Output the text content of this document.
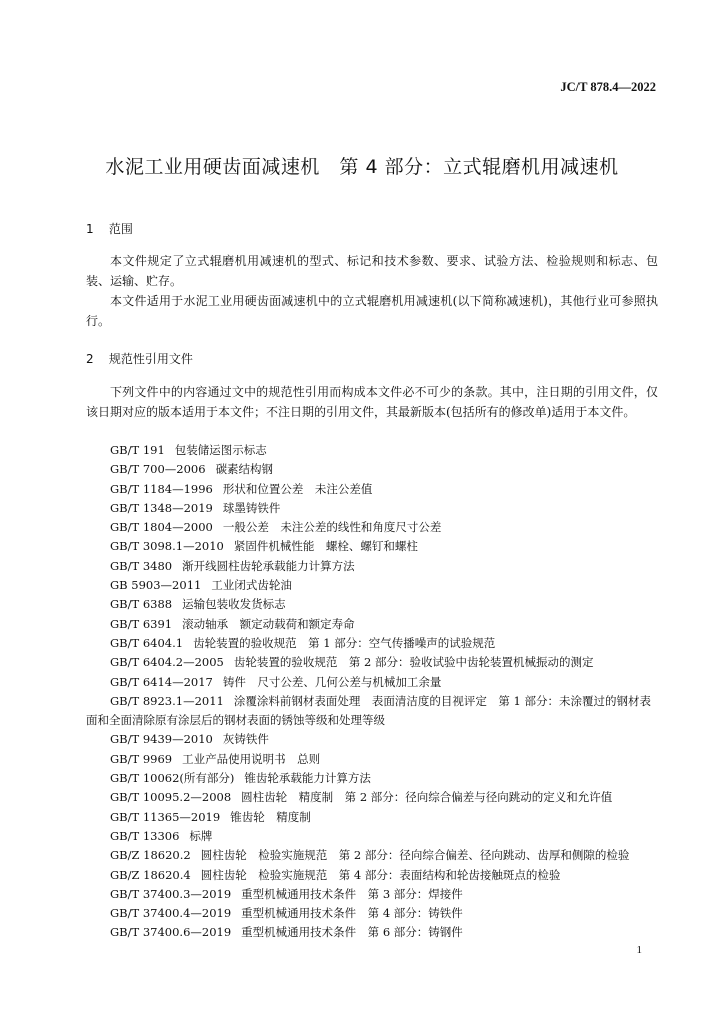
JC/T 878.4—2022
水泥工业用硬齿面减速机　第 4 部分：立式辊磨机用减速机
1 范围

本文件规定了立式辊磨机用减速机的型式、标记和技术参数、要求、试验方法、检验规则和标志、包装、运输、贮存。

本文件适用于水泥工业用硬齿面减速机中的立式辊磨机用减速机(以下简称减速机)，其他行业可参照执行。

2 规范性引用文件

下列文件中的内容通过文中的规范性引用而构成本文件必不可少的条款。其中，注日期的引用文件，仅该日期对应的版本适用于本文件；不注日期的引用文件，其最新版本(包括所有的修改单)适用于本文件。

GB/T 191 包装储运图示标志
GB/T 700—2006 碳素结构钢
GB/T 1184—1996 形状和位置公差　未注公差值
GB/T 1348—2019 球墨铸铁件
GB/T 1804—2000 一般公差　未注公差的线性和角度尺寸公差
GB/T 3098.1—2010 紧固件机械性能　螺栓、螺钉和螺柱
GB/T 3480 渐开线圆柱齿轮承载能力计算方法
GB 5903—2011 工业闭式齿轮油
GB/T 6388 运输包装收发货标志
GB/T 6391 滚动轴承　额定动载荷和额定寿命
GB/T 6404.1 齿轮装置的验收规范　第 1 部分：空气传播噪声的试验规范
GB/T 6404.2—2005 齿轮装置的验收规范　第 2 部分：验收试验中齿轮装置机械振动的测定
GB/T 6414—2017 铸件　尺寸公差、几何公差与机械加工余量
GB/T 8923.1—2011 涂覆涂料前钢材表面处理　表面清洁度的目视评定　第 1 部分：未涂覆过的钢材表面和全面清除原有涂层后的钢材表面的锈蚀等级和处理等级
GB/T 9439—2010 灰铸铁件
GB/T 9969 工业产品使用说明书　总则
GB/T 10062(所有部分) 锥齿轮承载能力计算方法
GB/T 10095.2—2008 圆柱齿轮　精度制　第 2 部分：径向综合偏差与径向跳动的定义和允许值
GB/T 11365—2019 锥齿轮　精度制
GB/T 13306 标牌
GB/Z 18620.2 圆柱齿轮　检验实施规范　第 2 部分：径向综合偏差、径向跳动、齿厚和侧隙的检验
GB/Z 18620.4 圆柱齿轮　检验实施规范　第 4 部分：表面结构和轮齿接触斑点的检验
GB/T 37400.3—2019 重型机械通用技术条件　第 3 部分：焊接件
GB/T 37400.4—2019 重型机械通用技术条件　第 4 部分：铸铁件
GB/T 37400.6—2019 重型机械通用技术条件　第 6 部分：铸钢件
1
